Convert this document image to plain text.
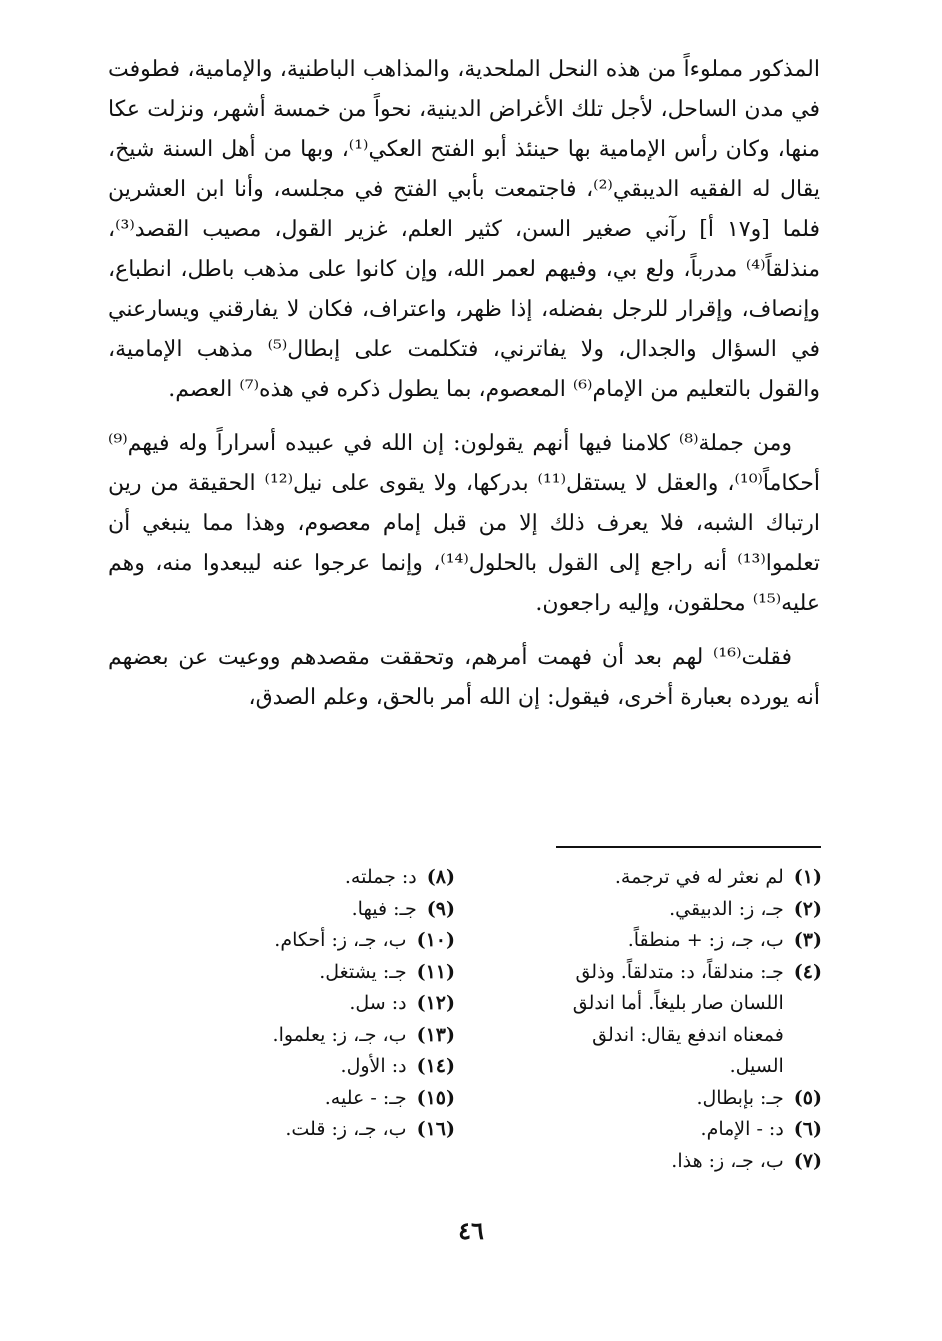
المذكور مملوءاً من هذه النحل الملحدية، والمذاهب الباطنية، والإمامية، فطوفت في مدن الساحل، لأجل تلك الأغراض الدينية، نحواً من خمسة أشهر، ونزلت عكا منها، وكان رأس الإمامية بها حينئذ أبو الفتح العكي⁽¹⁾، وبها من أهل السنة شيخ، يقال له الفقيه الديبقي⁽²⁾، فاجتمعت بأبي الفتح في مجلسه، وأنا ابن العشرين فلما [و١٧ أ] رآني صغير السن، كثير العلم، غزير القول، مصيب القصد⁽³⁾، منذلقاً⁽⁴⁾ مدرباً، ولع بي، وفيهم لعمر الله، وإن كانوا على مذهب باطل، انطباع، وإنصاف، وإقرار للرجل بفضله، إذا ظهر، واعتراف، فكان لا يفارقني ويسارعني في السؤال والجدال، ولا يفاترني، فتكلمت على إبطال⁽⁵⁾ مذهب الإمامية، والقول بالتعليم من الإمام⁽⁶⁾ المعصوم، بما يطول ذكره في هذه⁽⁷⁾ العصم.

ومن جملة⁽⁸⁾ كلامنا فيها أنهم يقولون: إن الله في عبيده أسراراً وله فيهم⁽⁹⁾ أحكاماً⁽¹⁰⁾، والعقل لا يستقل⁽¹¹⁾ بدركها، ولا يقوى على نيل⁽¹²⁾ الحقيقة من رين ارتباك الشبه، فلا يعرف ذلك إلا من قبل إمام معصوم، وهذا مما ينبغي أن تعلموا⁽¹³⁾ أنه راجع إلى القول بالحلول⁽¹⁴⁾، وإنما عرجوا عنه ليبعدوا منه، وهم عليه⁽¹⁵⁾ محلقون، وإليه راجعون.

فقلت⁽¹⁶⁾ لهم بعد أن فهمت أمرهم، وتحققت مقصدهم ووعيت عن بعضهم أنه يورده بعبارة أخرى، فيقول: إن الله أمر بالحق، وعلم الصدق،

(١)
لم نعثر له في ترجمة.
(٢)
جـ، ز: الدبيقي.
(٣)
ب، جـ، ز: + منطقاً.
(٤)
جـ: مندلقاً، د: متدلقاً. وذلق اللسان صار بليغاً. أما اندلق فمعناه اندفع يقال: اندلق السيل.
(٥)
جـ: بإبطال.
(٦)
د: - الإمام.
(٧)
ب، جـ، ز: هذا.
(٨)
د: جملته.
(٩)
جـ: فيها.
(١٠)
ب، جـ، ز: أحكام.
(١١)
جـ: يشتغل.
(١٢)
د: سل.
(١٣)
ب، جـ، ز: يعلموا.
(١٤)
د: الأول.
(١٥)
جـ: - عليه.
(١٦)
ب، جـ، ز: قلت.
٤٦
